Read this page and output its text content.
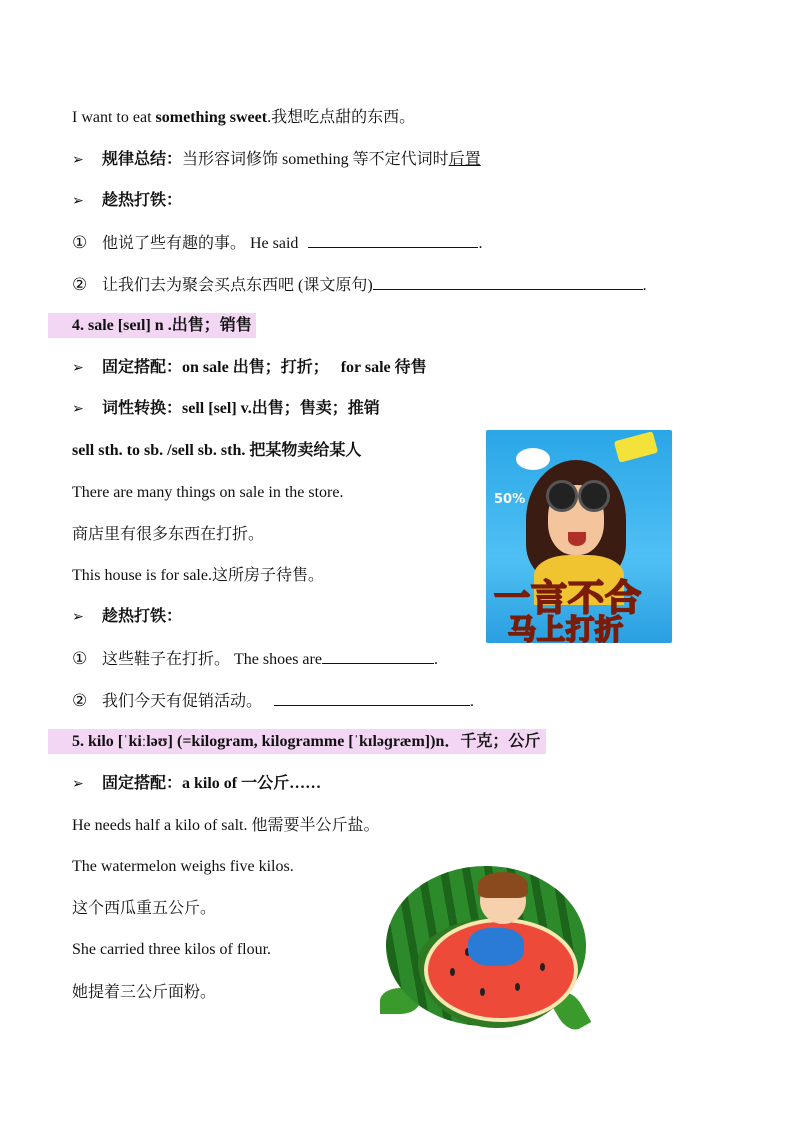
I want to eat something sweet.我想吃点甜的东西。
➢ 规律总结：当形容词修饰 something 等不定代词时后置
➢ 趁热打铁：
① 他说了些有趣的事。 He said	.
② 让我们去为聚会买点东西吧 (课文原句)	.
4. sale [seɪl] n .出售；销售
➢ 固定搭配：on sale 出售；打折； for sale 待售
➢ 词性转换：sell [sel] v.出售；售卖；推销
sell sth. to sb. /sell sb. sth. 把某物卖给某人
There are many things on sale in the store.
商店里有很多东西在打折。
This house is for sale.这所房子待售。
➢ 趁热打铁：
① 这些鞋子在打折。 The shoes are	.
② 我们今天有促销活动。	.
5. kilo [ˈkiːləʊ] (=kilogram, kilogramme [ˈkɪləɡræm])n．千克；公斤
➢ 固定搭配：a kilo of 一公斤……
He needs half a kilo of salt. 他需要半公斤盐。
The watermelon weighs five kilos.
这个西瓜重五公斤。
She carried three kilos of flour.
她提着三公斤面粉。
50%
一言不合
马上打折
